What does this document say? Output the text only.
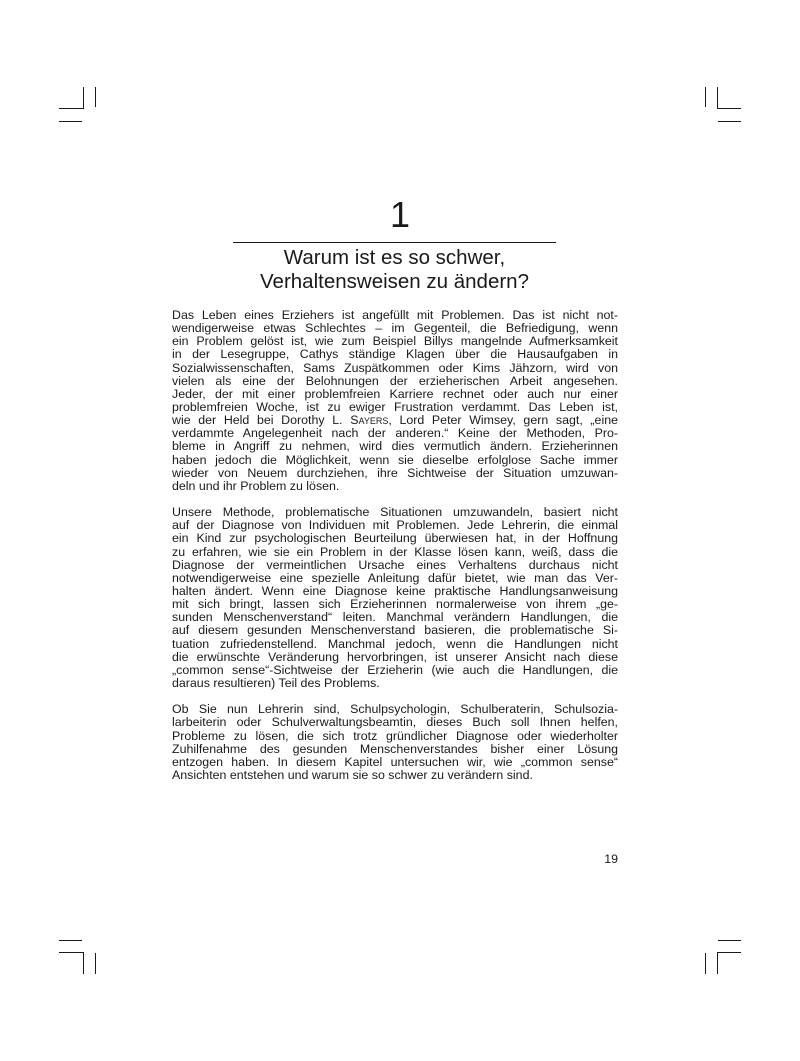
1
Warum ist es so schwer,
Verhaltensweisen zu ändern?

Das Leben eines Erziehers ist angefüllt mit Problemen. Das ist nicht not-
wendigerweise etwas Schlechtes – im Gegenteil, die Befriedigung, wenn
ein Problem gelöst ist, wie zum Beispiel Billys mangelnde Aufmerksamkeit
in der Lesegruppe, Cathys ständige Klagen über die Hausaufgaben in
Sozialwissenschaften, Sams Zuspätkommen oder Kims Jähzorn, wird von
vielen als eine der Belohnungen der erzieherischen Arbeit angesehen.
Jeder, der mit einer problemfreien Karriere rechnet oder auch nur einer
problemfreien Woche, ist zu ewiger Frustration verdammt. Das Leben ist,
wie der Held bei Dorothy L. Sayers, Lord Peter Wimsey, gern sagt, „eine
verdammte Angelegenheit nach der anderen.“ Keine der Methoden, Pro-
bleme in Angriff zu nehmen, wird dies vermutlich ändern. Erzieherinnen
haben jedoch die Möglichkeit, wenn sie dieselbe erfolglose Sache immer
wieder von Neuem durchziehen, ihre Sichtweise der Situation umzuwan-
deln und ihr Problem zu lösen.

Unsere Methode, problematische Situationen umzuwandeln, basiert nicht
auf der Diagnose von Individuen mit Problemen. Jede Lehrerin, die einmal
ein Kind zur psychologischen Beurteilung überwiesen hat, in der Hoffnung
zu erfahren, wie sie ein Problem in der Klasse lösen kann, weiß, dass die
Diagnose der vermeintlichen Ursache eines Verhaltens durchaus nicht
notwendigerweise eine spezielle Anleitung dafür bietet, wie man das Ver-
halten ändert. Wenn eine Diagnose keine praktische Handlungsanweisung
mit sich bringt, lassen sich Erzieherinnen normalerweise von ihrem „ge-
sunden Menschenverstand“ leiten. Manchmal verändern Handlungen, die
auf diesem gesunden Menschenverstand basieren, die problematische Si-
tuation zufriedenstellend. Manchmal jedoch, wenn die Handlungen nicht
die erwünschte Veränderung hervorbringen, ist unserer Ansicht nach diese
„common sense“-Sichtweise der Erzieherin (wie auch die Handlungen, die
daraus resultieren) Teil des Problems.

Ob Sie nun Lehrerin sind, Schulpsychologin, Schulberaterin, Schulsozia-
larbeiterin oder Schulverwaltungsbeamtin, dieses Buch soll Ihnen helfen,
Probleme zu lösen, die sich trotz gründlicher Diagnose oder wiederholter
Zuhilfenahme des gesunden Menschenverstandes bisher einer Lösung
entzogen haben. In diesem Kapitel untersuchen wir, wie „common sense“
Ansichten entstehen und warum sie so schwer zu verändern sind.

19
